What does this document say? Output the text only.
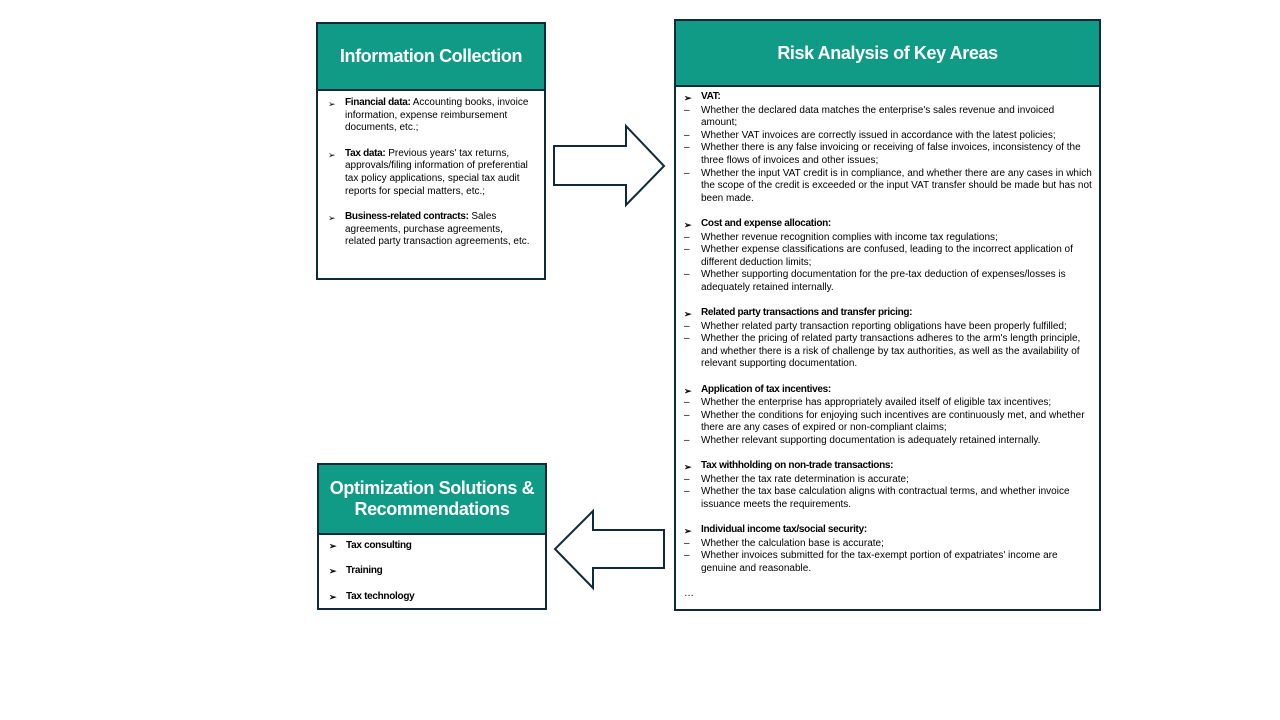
Information Collection
➢ Financial data: Accounting books, invoice information, expense reimbursement documents, etc.;
➢ Tax data: Previous years' tax returns, approvals/filing information of preferential tax policy applications, special tax audit reports for special matters, etc.;
➢ Business-related contracts: Sales agreements, purchase agreements, related party transaction agreements, etc.
Risk Analysis of Key Areas
➢ VAT:
–	Whether the declared data matches the enterprise's sales revenue and invoiced amount;
–	Whether VAT invoices are correctly issued in accordance with the latest policies;
–	Whether there is any false invoicing or receiving of false invoices, inconsistency of the three flows of invoices and other issues;
–	Whether the input VAT credit is in compliance, and whether there are any cases in which the scope of the credit is exceeded or the input VAT transfer should be made but has not been made.
➢ Cost and expense allocation:
–	Whether revenue recognition complies with income tax regulations;
–	Whether expense classifications are confused, leading to the incorrect application of different deduction limits;
–	Whether supporting documentation for the pre-tax deduction of expenses/losses is adequately retained internally.
➢ Related party transactions and transfer pricing:
–	Whether related party transaction reporting obligations have been properly fulfilled;
–	Whether the pricing of related party transactions adheres to the arm's length principle, and whether there is a risk of challenge by tax authorities, as well as the availability of relevant supporting documentation.
➢ Application of tax incentives:
–	Whether the enterprise has appropriately availed itself of eligible tax incentives;
–	Whether the conditions for enjoying such incentives are continuously met, and whether there are any cases of expired or non-compliant claims;
–	Whether relevant supporting documentation is adequately retained internally.
➢ Tax withholding on non-trade transactions:
–	Whether the tax rate determination is accurate;
–	Whether the tax base calculation aligns with contractual terms, and whether invoice issuance meets the requirements.
➢ Individual income tax/social security:
–	Whether the calculation base is accurate;
–	Whether invoices submitted for the tax-exempt portion of expatriates' income are genuine and reasonable.
…
Optimization Solutions & Recommendations
➢ Tax consulting
➢ Training
➢ Tax technology
